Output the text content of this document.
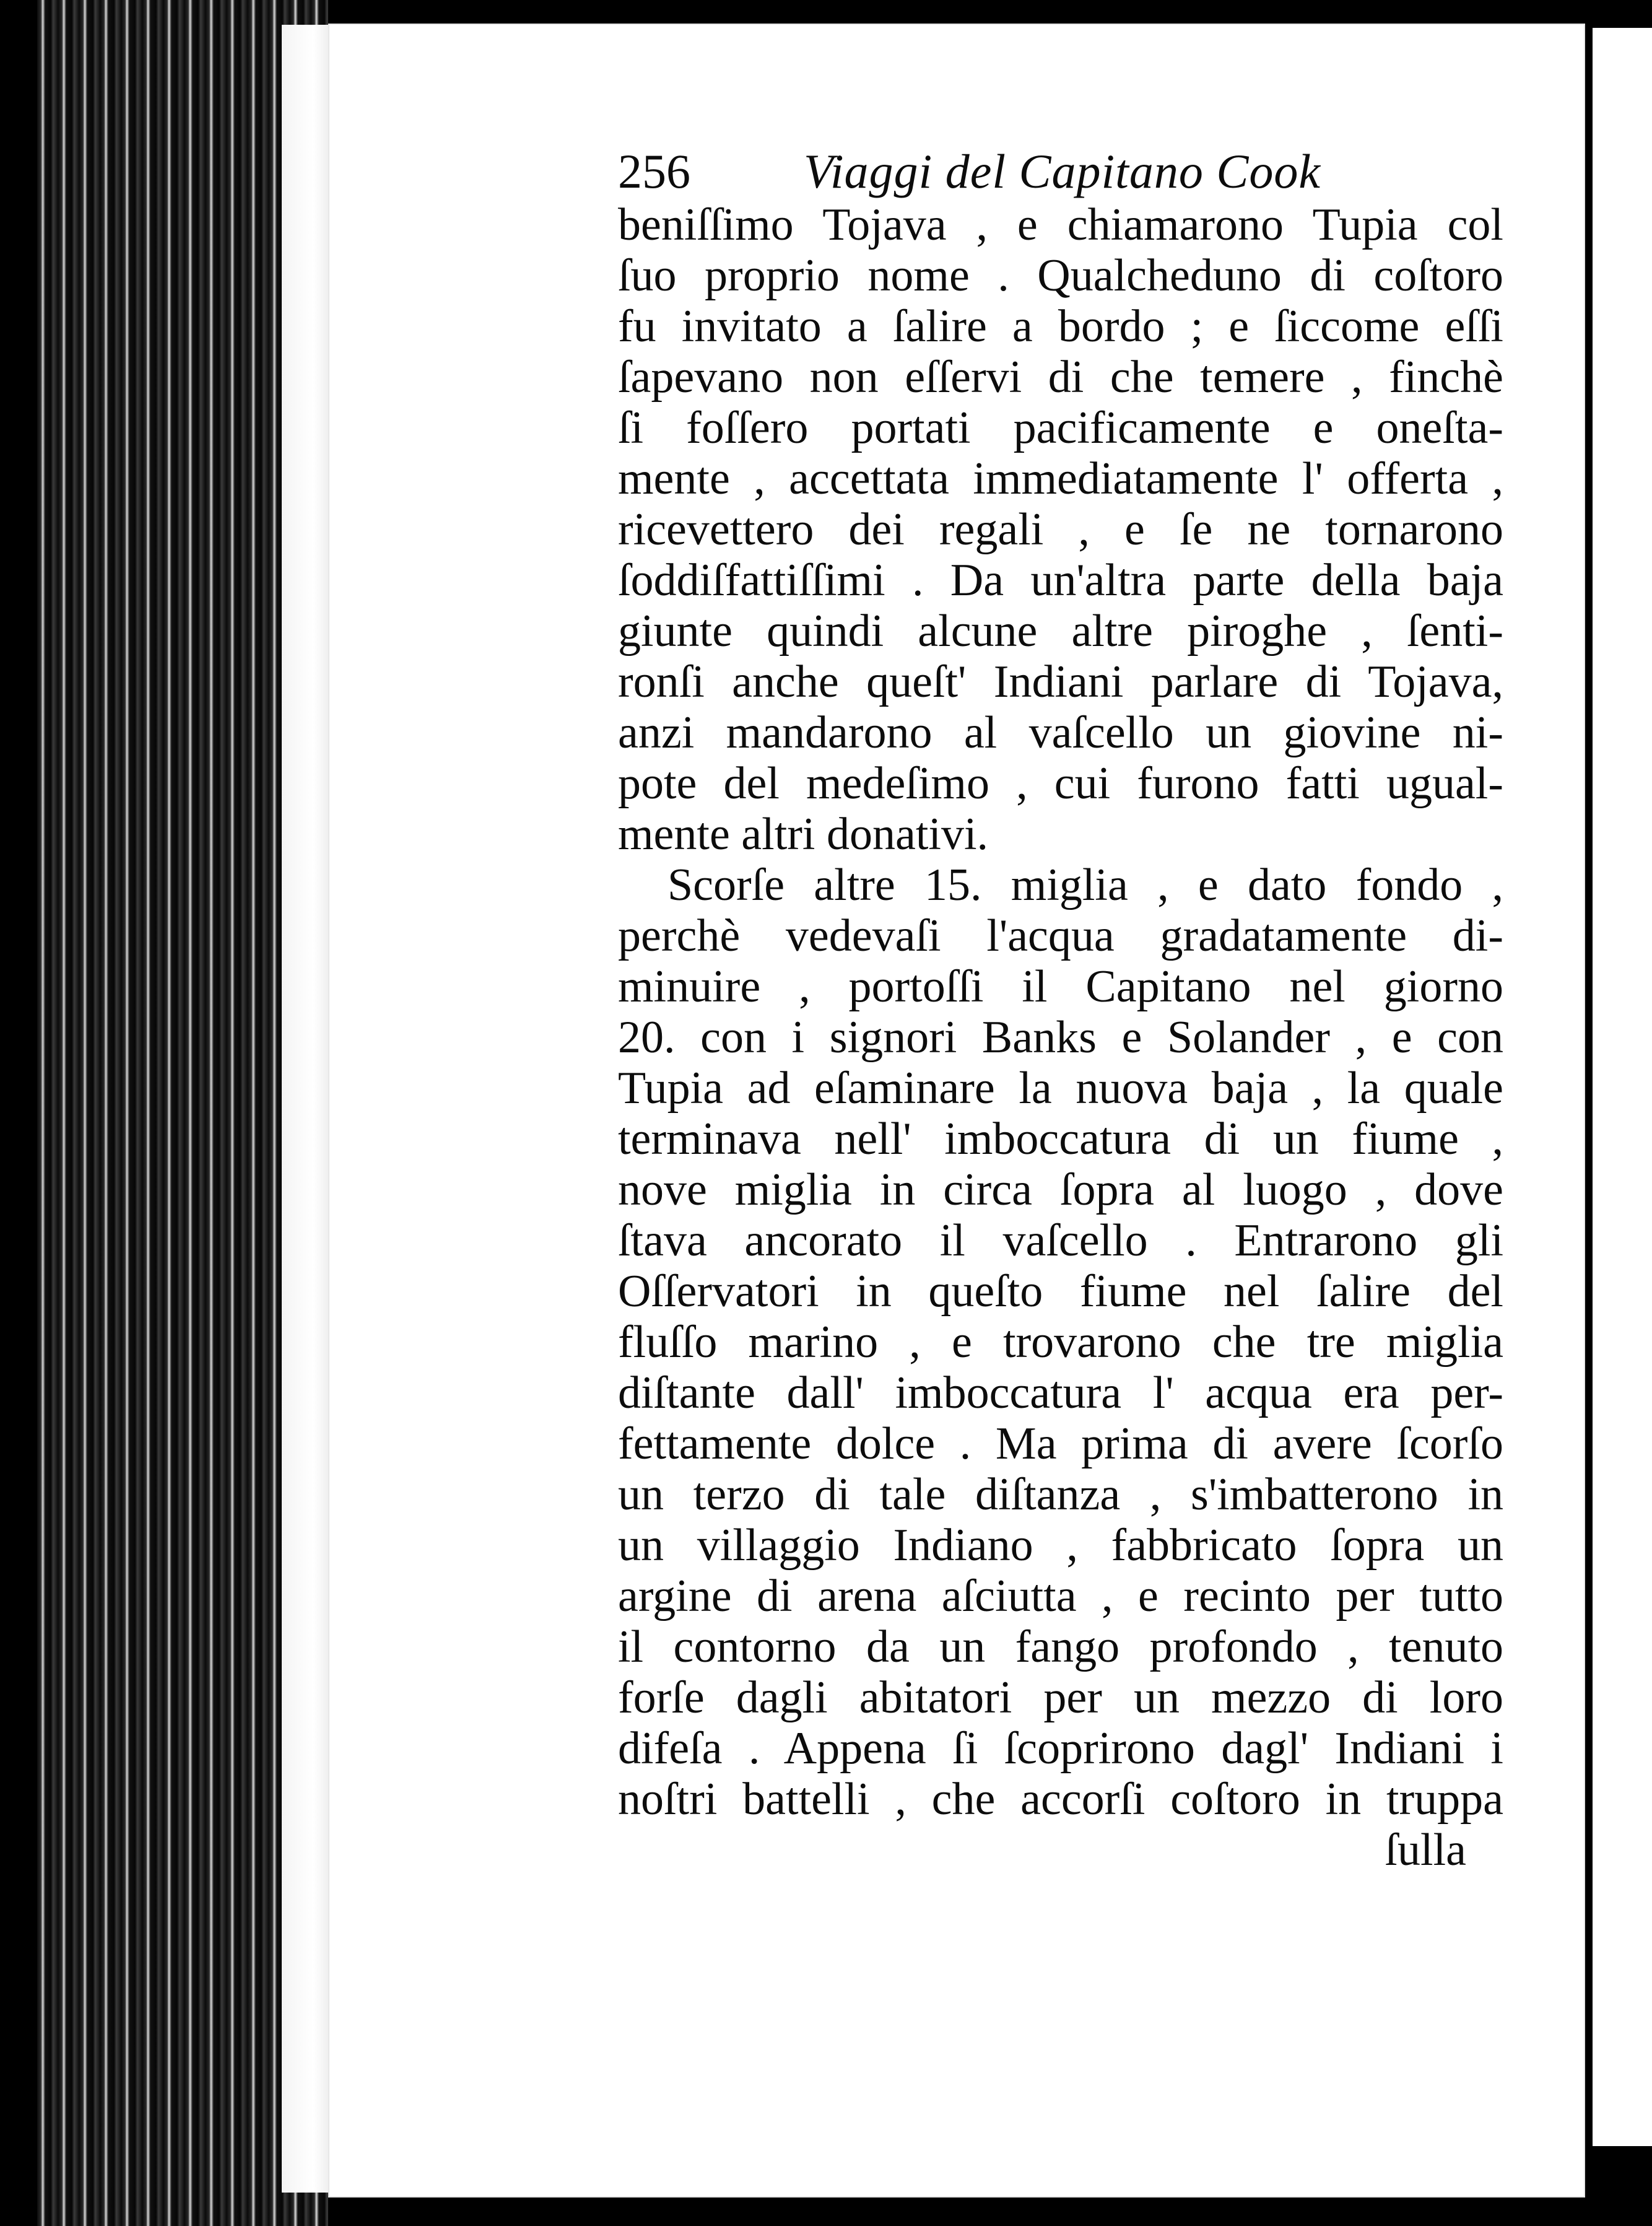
256	Viaggi del Capitano Cook
beniſſimo Tojava , e chiamarono Tupia col
ſuo proprio nome . Qualcheduno di coſtoro
fu invitato a ſalire a bordo ; e ſiccome eſſi
ſapevano non eſſervi di che temere , finchè
ſi foſſero portati pacificamente e oneſta-
mente , accettata immediatamente l' offerta ,
ricevettero dei regali , e ſe ne tornarono
ſoddiſfattiſſimi . Da un'altra parte della baja
giunte quindi alcune altre piroghe , ſenti-
ronſi anche queſt' Indiani parlare di Tojava,
anzi mandarono al vaſcello un giovine ni-
pote del medeſimo , cui furono fatti ugual-
mente altri donativi.
Scorſe altre 15. miglia , e dato fondo ,
perchè vedevaſi l'acqua gradatamente di-
minuire , portoſſi il Capitano nel giorno
20. con i signori Banks e Solander , e con
Tupia ad eſaminare la nuova baja , la quale
terminava nell' imboccatura di un fiume ,
nove miglia in circa ſopra al luogo , dove
ſtava ancorato il vaſcello . Entrarono gli
Oſſervatori in queſto fiume nel ſalire del
fluſſo marino , e trovarono che tre miglia
diſtante dall' imboccatura l' acqua era per-
fettamente dolce . Ma prima di avere ſcorſo
un terzo di tale diſtanza , s'imbatterono in
un villaggio Indiano , fabbricato ſopra un
argine di arena aſciutta , e recinto per tutto
il contorno da un fango profondo , tenuto
forſe dagli abitatori per un mezzo di loro
difeſa . Appena ſi ſcoprirono dagl' Indiani i
noſtri battelli , che accorſi coſtoro in truppa
ſulla
